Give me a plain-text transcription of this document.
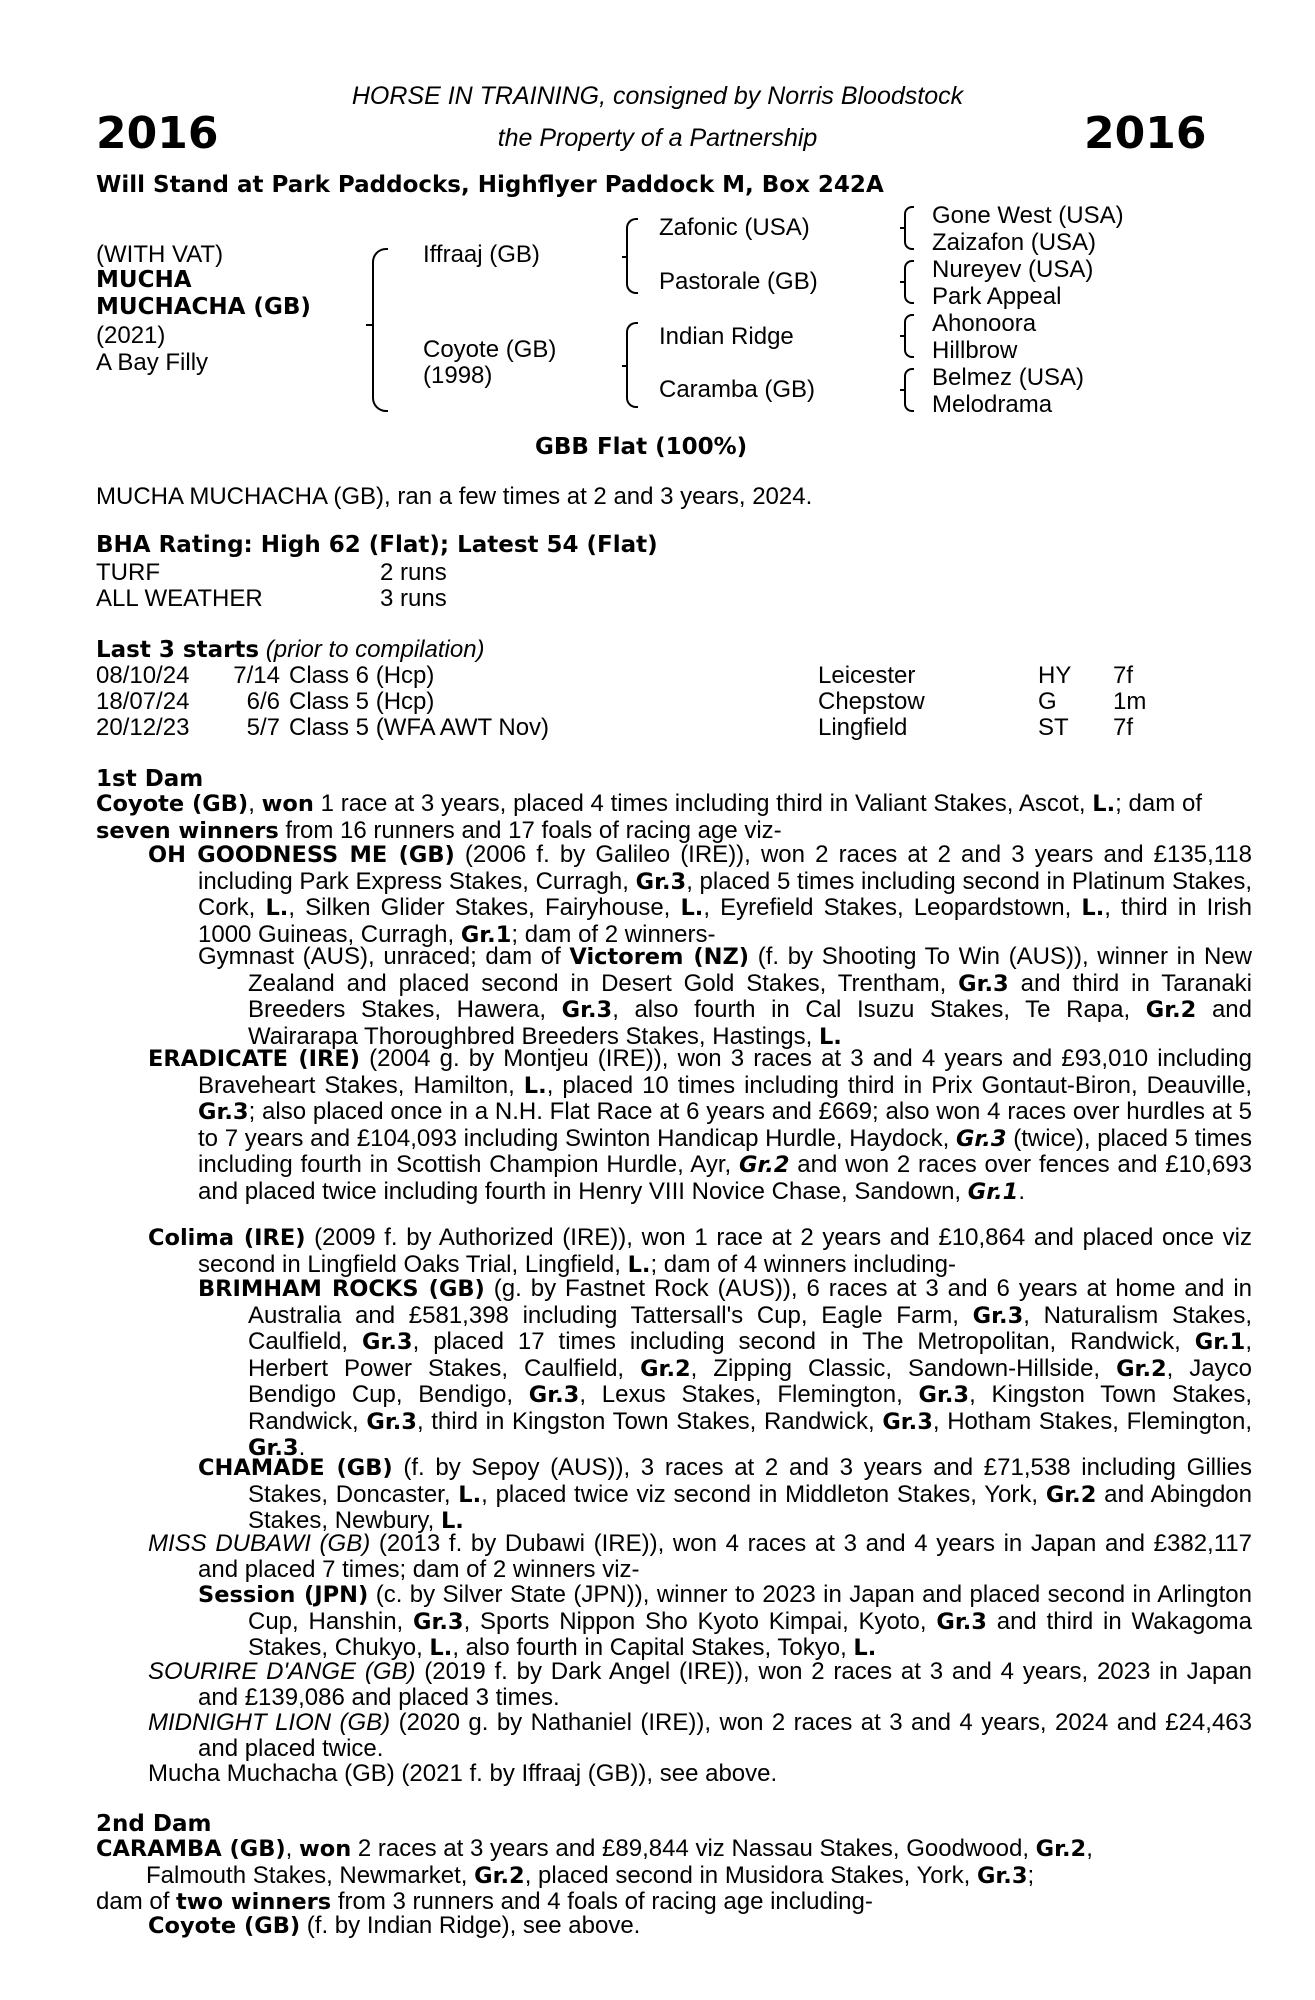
2016	2016
HORSE IN TRAINING, consigned by Norris Bloodstock
the Property of a Partnership
Will Stand at Park Paddocks, Highflyer Paddock M, Box 242A
(WITH VAT)
MUCHA
MUCHACHA (GB)
(2021)
A Bay Filly
Iffraaj (GB)
Coyote (GB)
(1998)
Zafonic (USA)
Pastorale (GB)
Indian Ridge
Caramba (GB)
Gone West (USA)
Zaizafon (USA)
Nureyev (USA)
Park Appeal
Ahonoora
Hillbrow
Belmez (USA)
Melodrama
GBB Flat (100%)
MUCHA MUCHACHA (GB), ran a few times at 2 and 3 years, 2024.
BHA Rating: High 62 (Flat); Latest 54 (Flat)
TURF	2 runs
ALL WEATHER	3 runs
Last 3 starts (prior to compilation)
08/10/24	7/14 Class 6 (Hcp)	Leicester	HY 7f
18/07/24	6/6 Class 5 (Hcp)	Chepstow	G 1m
20/12/23	5/7 Class 5 (WFA AWT Nov)	Lingfield	ST 7f
1st Dam
Coyote (GB), won 1 race at 3 years, placed 4 times including third in Valiant Stakes, Ascot, L.; dam of seven winners from 16 runners and 17 foals of racing age viz-
OH GOODNESS ME (GB) (2006 f. by Galileo (IRE)), won 2 races at 2 and 3 years and £135,118 including Park Express Stakes, Curragh, Gr.3, placed 5 times including second in Platinum Stakes, Cork, L., Silken Glider Stakes, Fairyhouse, L., Eyrefield Stakes, Leopardstown, L., third in Irish 1000 Guineas, Curragh, Gr.1; dam of 2 winners-
Gymnast (AUS), unraced; dam of Victorem (NZ) (f. by Shooting To Win (AUS)), winner in New Zealand and placed second in Desert Gold Stakes, Trentham, Gr.3 and third in Taranaki Breeders Stakes, Hawera, Gr.3, also fourth in Cal Isuzu Stakes, Te Rapa, Gr.2 and Wairarapa Thoroughbred Breeders Stakes, Hastings, L.
ERADICATE (IRE) (2004 g. by Montjeu (IRE)), won 3 races at 3 and 4 years and £93,010 including Braveheart Stakes, Hamilton, L., placed 10 times including third in Prix Gontaut-Biron, Deauville, Gr.3; also placed once in a N.H. Flat Race at 6 years and £669; also won 4 races over hurdles at 5 to 7 years and £104,093 including Swinton Handicap Hurdle, Haydock, Gr.3 (twice), placed 5 times including fourth in Scottish Champion Hurdle, Ayr, Gr.2 and won 2 races over fences and £10,693 and placed twice including fourth in Henry VIII Novice Chase, Sandown, Gr.1.
Colima (IRE) (2009 f. by Authorized (IRE)), won 1 race at 2 years and £10,864 and placed once viz second in Lingfield Oaks Trial, Lingfield, L.; dam of 4 winners including-
BRIMHAM ROCKS (GB) (g. by Fastnet Rock (AUS)), 6 races at 3 and 6 years at home and in Australia and £581,398 including Tattersall's Cup, Eagle Farm, Gr.3, Naturalism Stakes, Caulfield, Gr.3, placed 17 times including second in The Metropolitan, Randwick, Gr.1, Herbert Power Stakes, Caulfield, Gr.2, Zipping Classic, Sandown-Hillside, Gr.2, Jayco Bendigo Cup, Bendigo, Gr.3, Lexus Stakes, Flemington, Gr.3, Kingston Town Stakes, Randwick, Gr.3, third in Kingston Town Stakes, Randwick, Gr.3, Hotham Stakes, Flemington, Gr.3.
CHAMADE (GB) (f. by Sepoy (AUS)), 3 races at 2 and 3 years and £71,538 including Gillies Stakes, Doncaster, L., placed twice viz second in Middleton Stakes, York, Gr.2 and Abingdon Stakes, Newbury, L.
MISS DUBAWI (GB) (2013 f. by Dubawi (IRE)), won 4 races at 3 and 4 years in Japan and £382,117 and placed 7 times; dam of 2 winners viz-
Session (JPN) (c. by Silver State (JPN)), winner to 2023 in Japan and placed second in Arlington Cup, Hanshin, Gr.3, Sports Nippon Sho Kyoto Kimpai, Kyoto, Gr.3 and third in Wakagoma Stakes, Chukyo, L., also fourth in Capital Stakes, Tokyo, L.
SOURIRE D'ANGE (GB) (2019 f. by Dark Angel (IRE)), won 2 races at 3 and 4 years, 2023 in Japan and £139,086 and placed 3 times.
MIDNIGHT LION (GB) (2020 g. by Nathaniel (IRE)), won 2 races at 3 and 4 years, 2024 and £24,463 and placed twice.
Mucha Muchacha (GB) (2021 f. by Iffraaj (GB)), see above.
2nd Dam
CARAMBA (GB), won 2 races at 3 years and £89,844 viz Nassau Stakes, Goodwood, Gr.2,
Falmouth Stakes, Newmarket, Gr.2, placed second in Musidora Stakes, York, Gr.3;
dam of two winners from 3 runners and 4 foals of racing age including-
Coyote (GB) (f. by Indian Ridge), see above.
